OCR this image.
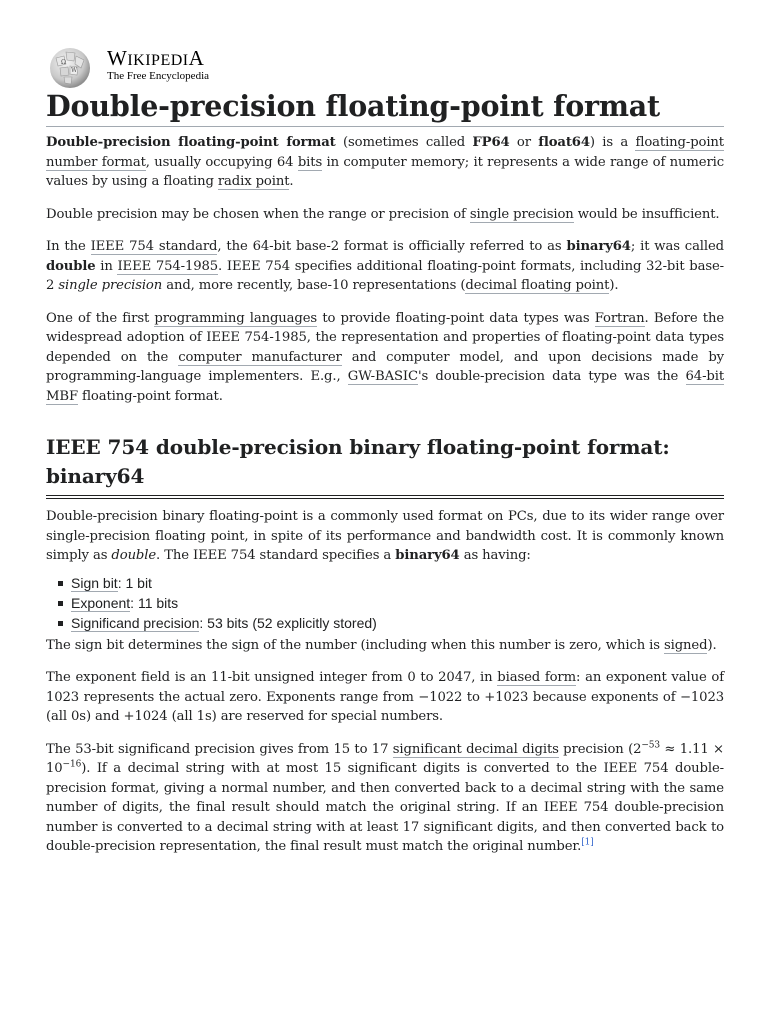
Ω
W
WIKIPEDIA
The Free Encyclopedia
Double-precision floating-point format

Double-precision floating-point format (sometimes called FP64 or float64) is a floating-point number format, usually occupying 64 bits in computer memory; it represents a wide range of numeric values by using a floating radix point.

Double precision may be chosen when the range or precision of single precision would be insufficient.

In the IEEE 754 standard, the 64-bit base-2 format is officially referred to as binary64; it was called double in IEEE 754-1985. IEEE 754 specifies additional floating-point formats, including 32-bit base-2 single precision and, more recently, base-10 representations (decimal floating point).

One of the first programming languages to provide floating-point data types was Fortran. Before the widespread adoption of IEEE 754-1985, the representation and properties of floating-point data types depended on the computer manufacturer and computer model, and upon decisions made by programming-language implementers. E.g., GW-BASIC's double-precision data type was the 64-bit MBF floating-point format.

IEEE 754 double-precision binary floating-point format: binary64

Double-precision binary floating-point is a commonly used format on PCs, due to its wider range over single-precision floating point, in spite of its performance and bandwidth cost. It is commonly known simply as double. The IEEE 754 standard specifies a binary64 as having:

Sign bit: 1 bit
Exponent: 11 bits
Significand precision: 53 bits (52 explicitly stored)

The sign bit determines the sign of the number (including when this number is zero, which is signed).

The exponent field is an 11-bit unsigned integer from 0 to 2047, in biased form: an exponent value of 1023 represents the actual zero. Exponents range from −1022 to +1023 because exponents of −1023 (all 0s) and +1024 (all 1s) are reserved for special numbers.

The 53-bit significand precision gives from 15 to 17 significant decimal digits precision $(2^{-53} \approx 1.11 \times 10^{-16})$. If a decimal string with at most 15 significant digits is converted to the IEEE 754 double-precision format, giving a normal number, and then converted back to a decimal string with the same number of digits, the final result should match the original string. If an IEEE 754 double-precision number is converted to a decimal string with at least 17 significant digits, and then converted back to double-precision representation, the final result must match the original number.[1]
